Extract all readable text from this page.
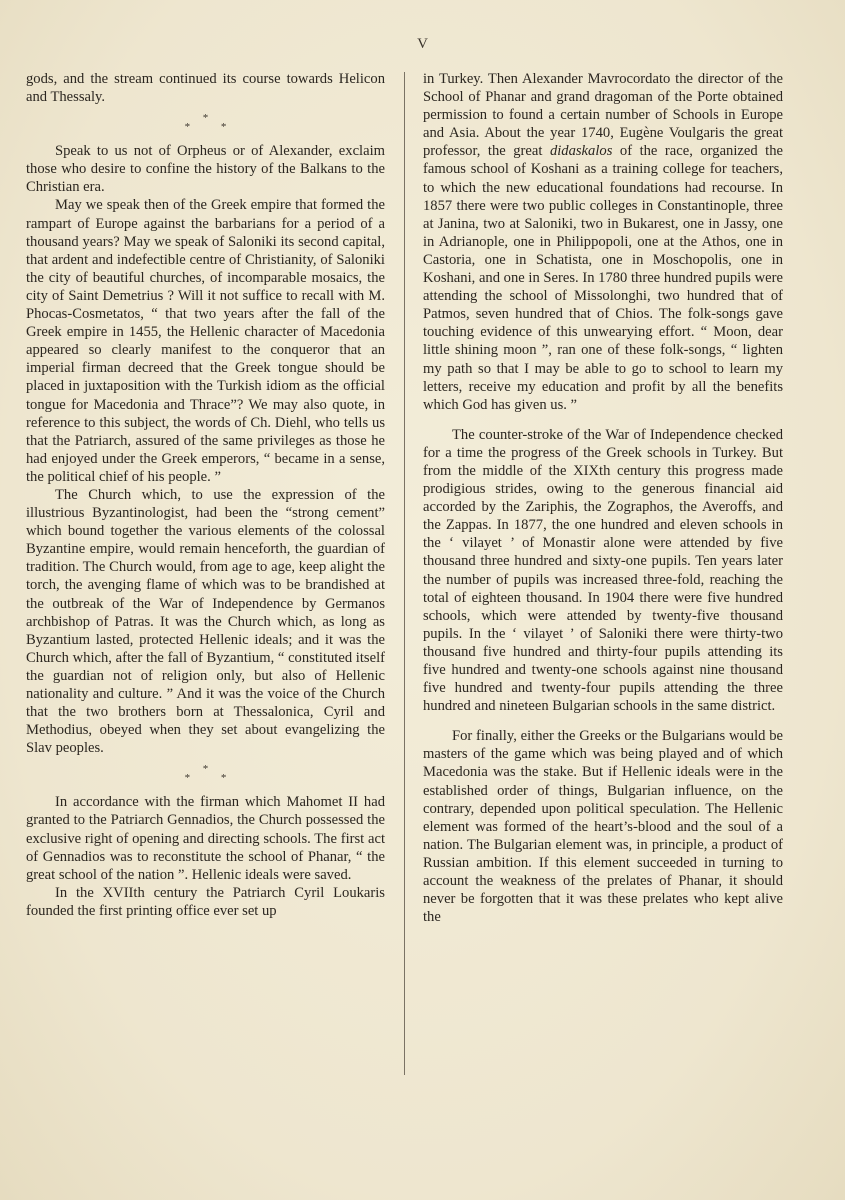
V

gods, and the stream continued its course towards Helicon and Thessaly.

*
* *

Speak to us not of Orpheus or of Alexander, exclaim those who desire to confine the history of the Balkans to the Christian era.

May we speak then of the Greek empire that formed the rampart of Europe against the barbarians for a period of a thousand years? May we speak of Saloniki its second capital, that ardent and indefectible centre of Christianity, of Saloniki the city of beautiful churches, of incomparable mosaics, the city of Saint Demetrius ? Will it not suffice to recall with M. Phocas-Cosmetatos, “ that two years after the fall of the Greek empire in 1455, the Hellenic character of Macedonia appeared so clearly manifest to the conqueror that an imperial firman decreed that the Greek tongue should be placed in juxtaposition with the Turkish idiom as the official tongue for Macedonia and Thrace”? We may also quote, in reference to this subject, the words of Ch. Diehl, who tells us that the Patriarch, assured of the same privileges as those he had enjoyed under the Greek emperors, “ became in a sense, the political chief of his people. ”

The Church which, to use the expression of the illustrious Byzantinologist, had been the “strong cement” which bound together the various elements of the colossal Byzantine empire, would remain henceforth, the guardian of tradition. The Church would, from age to age, keep alight the torch, the avenging flame of which was to be brandished at the outbreak of the War of Independence by Germanos archbishop of Patras. It was the Church which, as long as Byzantium lasted, protected Hellenic ideals; and it was the Church which, after the fall of Byzantium, “ constituted itself the guardian not of religion only, but also of Hellenic nationality and culture. ” And it was the voice of the Church that the two brothers born at Thessalonica, Cyril and Methodius, obeyed when they set about evangelizing the Slav peoples.

*
* *

In accordance with the firman which Mahomet II had granted to the Patriarch Gennadios, the Church possessed the exclusive right of opening and directing schools. The first act of Gennadios was to reconstitute the school of Phanar, “ the great school of the nation ”. Hellenic ideals were saved.

In the XVIIth century the Patriarch Cyril Loukaris founded the first printing office ever set up

in Turkey. Then Alexander Mavrocordato the director of the School of Phanar and grand dragoman of the Porte obtained permission to found a certain number of Schools in Europe and Asia. About the year 1740, Eugène Voulgaris the great professor, the great didaskalos of the race, organized the famous school of Koshani as a training college for teachers, to which the new educational foundations had recourse. In 1857 there were two public colleges in Constantinople, three at Janina, two at Saloniki, two in Bukarest, one in Jassy, one in Adrianople, one in Philippopoli, one at the Athos, one in Castoria, one in Schatista, one in Moschopolis, one in Koshani, and one in Seres. In 1780 three hundred pupils were attending the school of Missolonghi, two hundred that of Patmos, seven hundred that of Chios. The folk-songs gave touching evidence of this unwearying effort. “ Moon, dear little shining moon ”, ran one of these folk-songs, “ lighten my path so that I may be able to go to school to learn my letters, receive my education and profit by all the benefits which God has given us. ”

The counter-stroke of the War of Independence checked for a time the progress of the Greek schools in Turkey. But from the middle of the XIXth century this progress made prodigious strides, owing to the generous financial aid accorded by the Zariphis, the Zographos, the Averoffs, and the Zappas. In 1877, the one hundred and eleven schools in the ‘ vilayet ’ of Monastir alone were attended by five thousand three hundred and sixty-one pupils. Ten years later the number of pupils was increased three-fold, reaching the total of eighteen thousand. In 1904 there were five hundred schools, which were attended by twenty-five thousand pupils. In the ‘ vilayet ’ of Saloniki there were thirty-two thousand five hundred and thirty-four pupils attending its five hundred and twenty-one schools against nine thousand five hundred and twenty-four pupils attending the three hundred and nineteen Bulgarian schools in the same district.

For finally, either the Greeks or the Bulgarians would be masters of the game which was being played and of which Macedonia was the stake. But if Hellenic ideals were in the established order of things, Bulgarian influence, on the contrary, depended upon political speculation. The Hellenic element was formed of the heart’s-blood and the soul of a nation. The Bulgarian element was, in principle, a product of Russian ambition. If this element succeeded in turning to account the weakness of the prelates of Phanar, it should never be forgotten that it was these prelates who kept alive the
